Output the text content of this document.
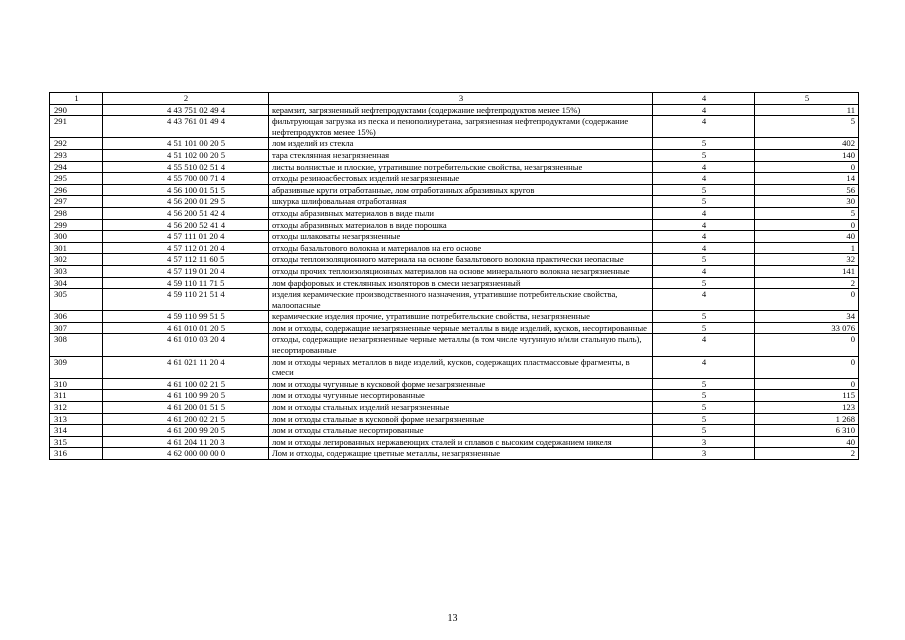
1	2	3	4	5
290	4 43 751 02 49 4	керамзит, загрязненный нефтепродуктами (содержание нефтепродуктов менее 15%)	4	11
291	4 43 761 01 49 4	фильтрующая загрузка из песка и пенополиуретана, загрязненная нефтепродуктами (содержание нефтепродуктов менее 15%)	4	5
292	4 51 101 00 20 5	лом изделий из стекла	5	402
293	4 51 102 00 20 5	тара стеклянная незагрязненная	5	140
294	4 55 510 02 51 4	листы волнистые и плоские, утратившие потребительские свойства, незагрязненные	4	0
295	4 55 700 00 71 4	отходы резиноасбестовых изделий незагрязненные	4	14
296	4 56 100 01 51 5	абразивные круги отработанные, лом отработанных абразивных кругов	5	56
297	4 56 200 01 29 5	шкурка шлифовальная отработанная	5	30
298	4 56 200 51 42 4	отходы абразивных материалов в виде пыли	4	5
299	4 56 200 52 41 4	отходы абразивных материалов в виде порошка	4	0
300	4 57 111 01 20 4	отходы шлаковаты незагрязненные	4	40
301	4 57 112 01 20 4	отходы базальтового волокна и материалов на его основе	4	1
302	4 57 112 11 60 5	отходы теплоизоляционного материала на основе базальтового волокна практически неопасные	5	32
303	4 57 119 01 20 4	отходы прочих теплоизоляционных материалов на основе минерального волокна незагрязненные	4	141
304	4 59 110 11 71 5	лом фарфоровых и стеклянных изоляторов в смеси незагрязненный	5	2
305	4 59 110 21 51 4	изделия керамические производственного назначения, утратившие потребительские свойства, малоопасные	4	0
306	4 59 110 99 51 5	керамические изделия прочие, утратившие потребительские свойства, незагрязненные	5	34
307	4 61 010 01 20 5	лом и отходы, содержащие незагрязненные черные металлы в виде изделий, кусков, несортированные	5	33 076
308	4 61 010 03 20 4	отходы, содержащие незагрязненные черные металлы (в том числе чугунную и/или стальную пыль), несортированные	4	0
309	4 61 021 11 20 4	лом и отходы черных металлов в виде изделий, кусков, содержащих пластмассовые фрагменты, в смеси	4	0
310	4 61 100 02 21 5	лом и отходы чугунные в кусковой форме незагрязненные	5	0
311	4 61 100 99 20 5	лом и отходы чугунные несортированные	5	115
312	4 61 200 01 51 5	лом и отходы стальных изделий незагрязненные	5	123
313	4 61 200 02 21 5	лом и отходы стальные в кусковой форме незагрязненные	5	1 268
314	4 61 200 99 20 5	лом и отходы стальные несортированные	5	6 310
315	4 61 204 11 20 3	лом и отходы легированных нержавеющих сталей и сплавов с высоким содержанием никеля	3	40
316	4 62 000 00 00 0	Лом и отходы, содержащие цветные металлы, незагрязненные	3	2
13
